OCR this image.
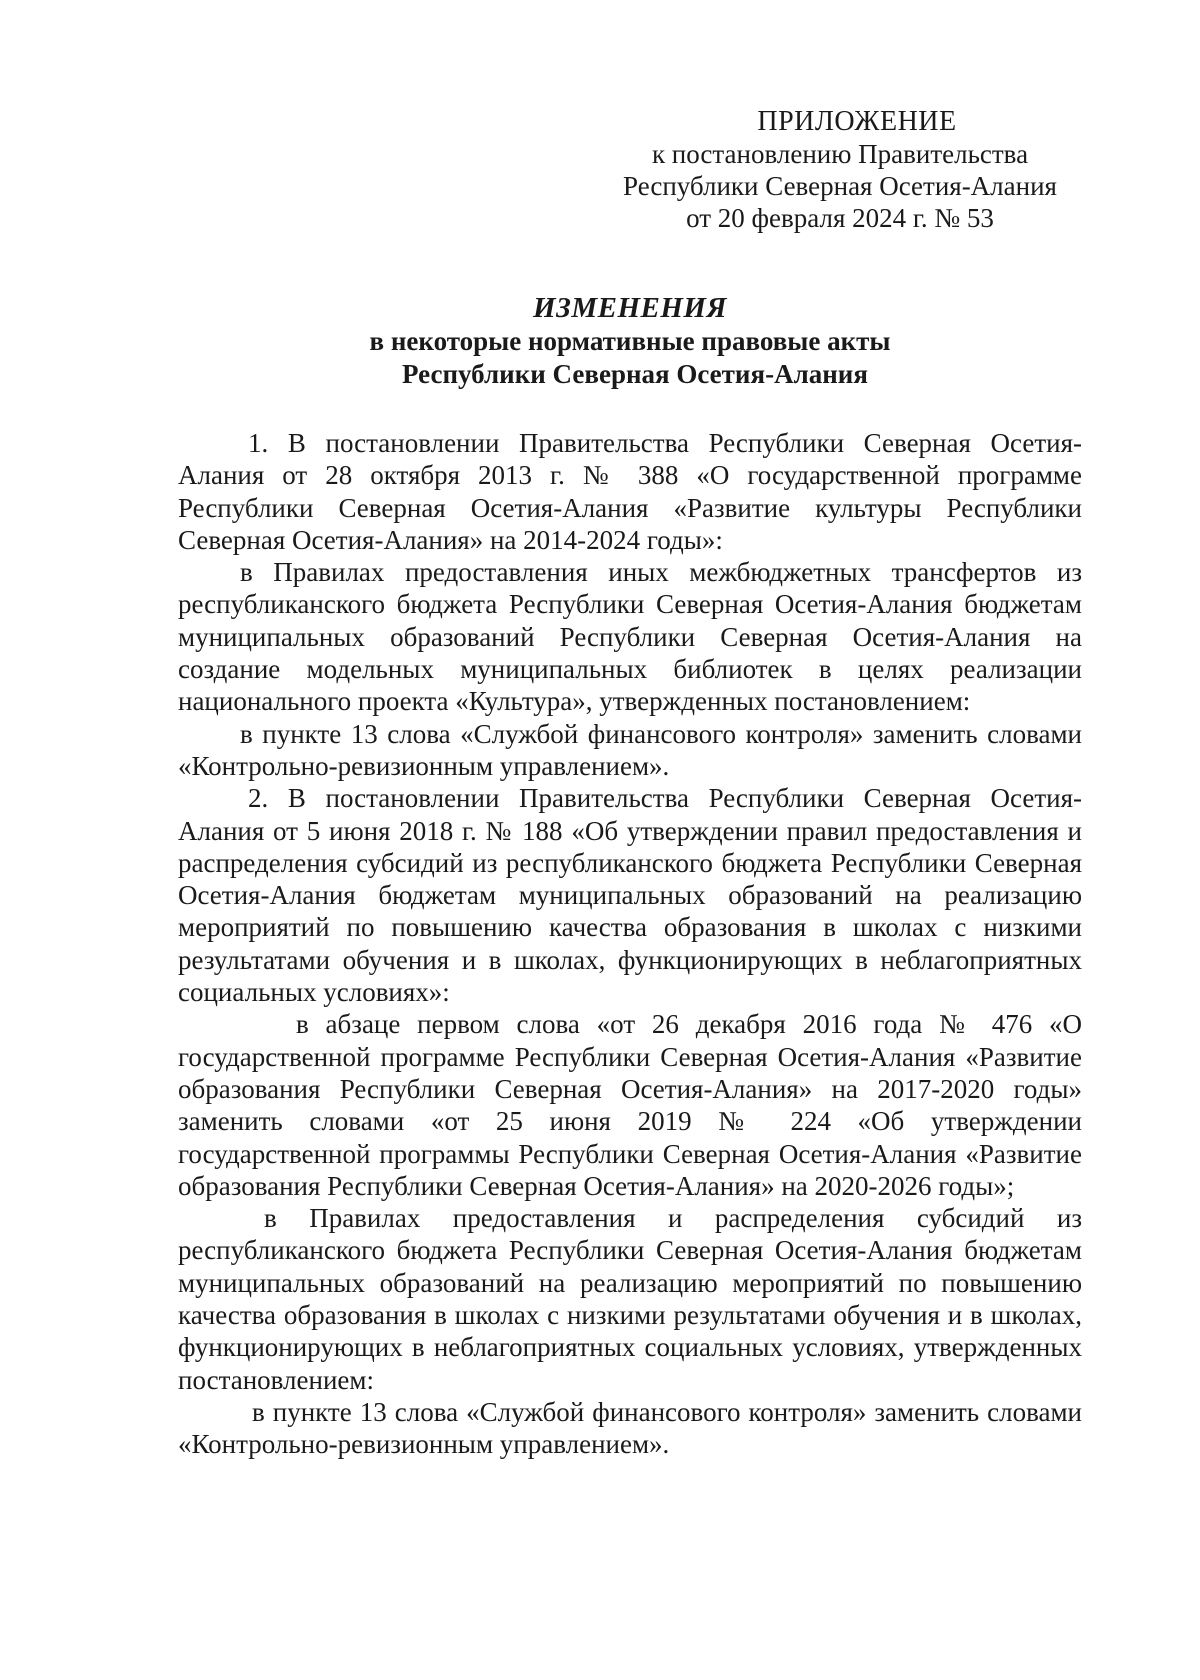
ПРИЛОЖЕНИЕ
к постановлению Правительства
Республики Северная Осетия-Алания
от 20 февраля 2024 г. № 53
ИЗМЕНЕНИЯ
в некоторые нормативные правовые акты
Республики Северная Осетия-Алания

1. В постановлении Правительства Республики Северная Осетия-Алания от 28 октября 2013 г. № 388 «О государственной программе Республики Северная Осетия-Алания «Развитие культуры Республики Северная Осетия-Алания» на 2014-2024 годы»:

в Правилах предоставления иных межбюджетных трансфертов из республиканского бюджета Республики Северная Осетия-Алания бюджетам муниципальных образований Республики Северная Осетия-Алания на создание модельных муниципальных библиотек в целях реализации национального проекта «Культура», утвержденных постановлением:

в пункте 13 слова «Службой финансового контроля» заменить словами «Контрольно-ревизионным управлением».

2. В постановлении Правительства Республики Северная Осетия-Алания от 5 июня 2018 г. № 188 «Об утверждении правил предоставления и распределения субсидий из республиканского бюджета Республики Северная Осетия-Алания бюджетам муниципальных образований на реализацию мероприятий по повышению качества образования в школах с низкими результатами обучения и в школах, функционирующих в неблагоприятных социальных условиях»:

в абзаце первом слова «от 26 декабря 2016 года № 476 «О государственной программе Республики Северная Осетия-Алания «Развитие образования Республики Северная Осетия-Алания» на 2017-2020 годы» заменить словами «от 25 июня 2019 № 224 «Об утверждении государственной программы Республики Северная Осетия-Алания «Развитие образования Республики Северная Осетия-Алания» на 2020-2026 годы»;

в Правилах предоставления и распределения субсидий из республиканского бюджета Республики Северная Осетия-Алания бюджетам муниципальных образований на реализацию мероприятий по повышению качества образования в школах с низкими результатами обучения и в школах, функционирующих в неблагоприятных социальных условиях, утвержденных постановлением:

в пункте 13 слова «Службой финансового контроля» заменить словами «Контрольно-ревизионным управлением».
